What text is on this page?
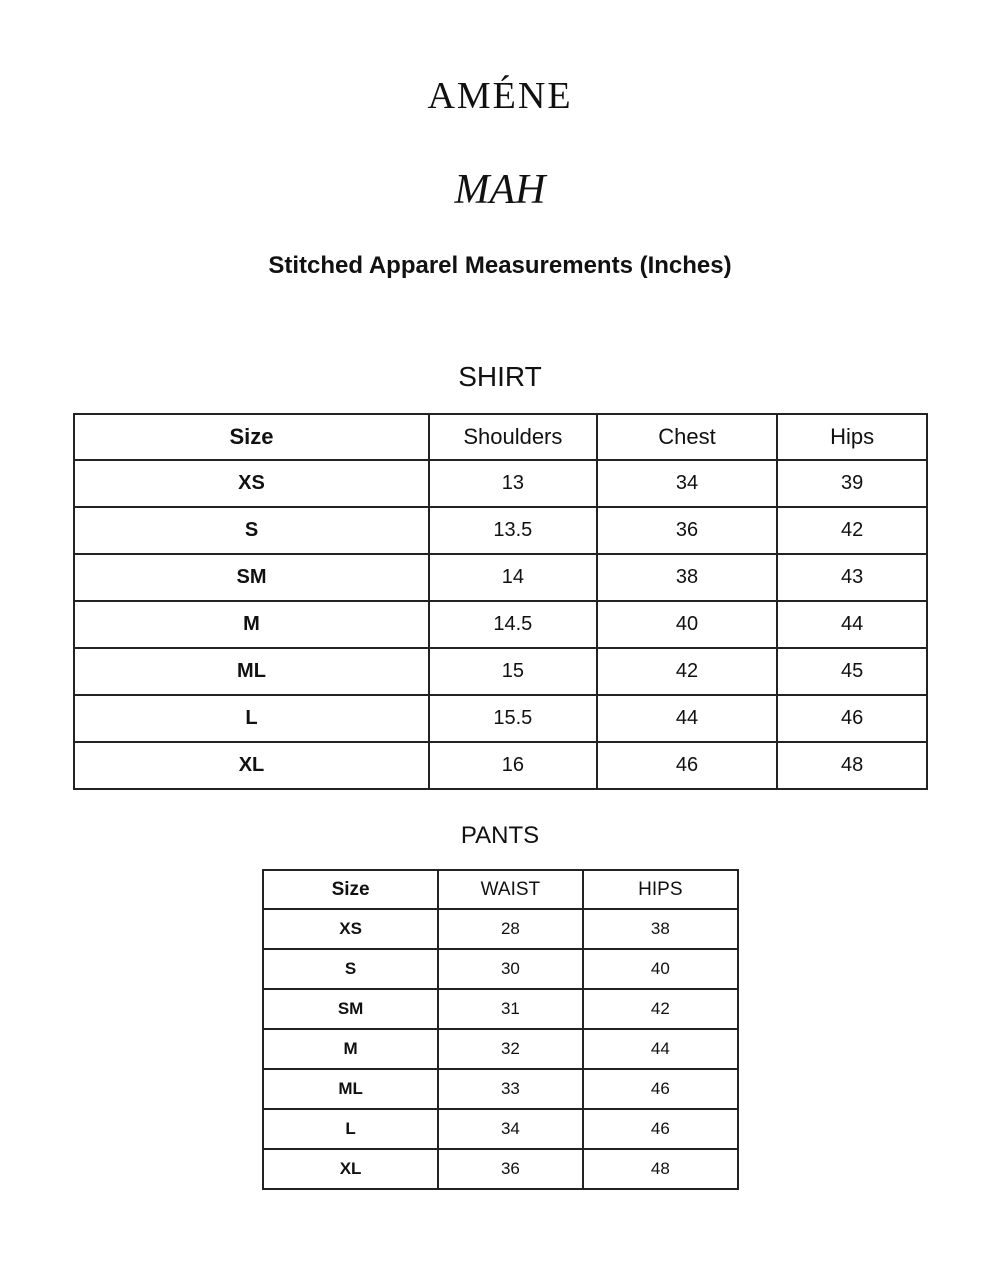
AMÉNE
MAH
Stitched Apparel Measurements (Inches)
SHIRT
Size	Shoulders	Chest	Hips
XS	13	34	39
S	13.5	36	42
SM	14	38	43
M	14.5	40	44
ML	15	42	45
L	15.5	44	46
XL	16	46	48
PANTS
Size	WAIST	HIPS
XS	28	38
S	30	40
SM	31	42
M	32	44
ML	33	46
L	34	46
XL	36	48
